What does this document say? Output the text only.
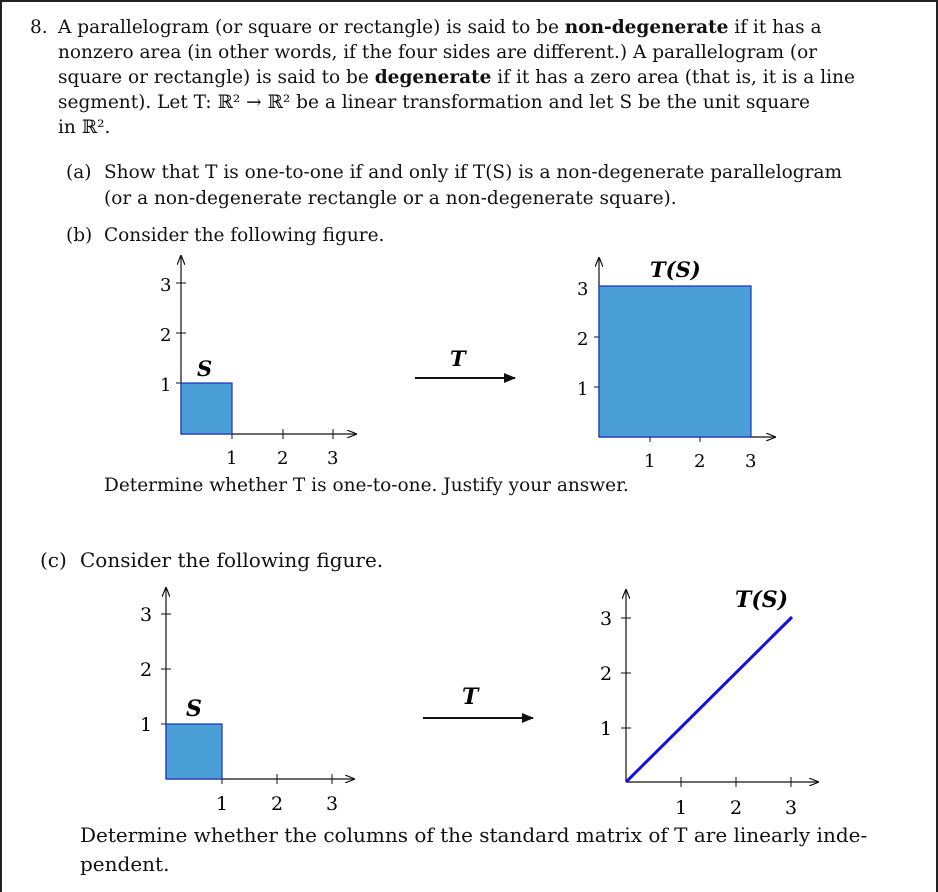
8. A parallelogram (or square or rectangle) is said to be non-degenerate if it has a
nonzero area (in other words, if the four sides are different.) A parallelogram (or
square or rectangle) is said to be degenerate if it has a zero area (that is, it is a line
segment). Let T: ℝ² → ℝ² be a linear transformation and let S be the unit square
in ℝ².
(a) Show that T is one-to-one if and only if T(S) is a non-degenerate parallelogram
(or a non-degenerate rectangle or a non-degenerate square).
(b) Consider the following figure.
3
2
1
1 2 3
S	T
3
2
1
1 2 3
T(S)
3
2
1
1 2 3
S	T
3
2
1
1 2 3
T(S)
Determine whether T is one-to-one. Justify your answer.
(c) Consider the following figure.
Determine whether the columns of the standard matrix of T are linearly inde-
pendent.
